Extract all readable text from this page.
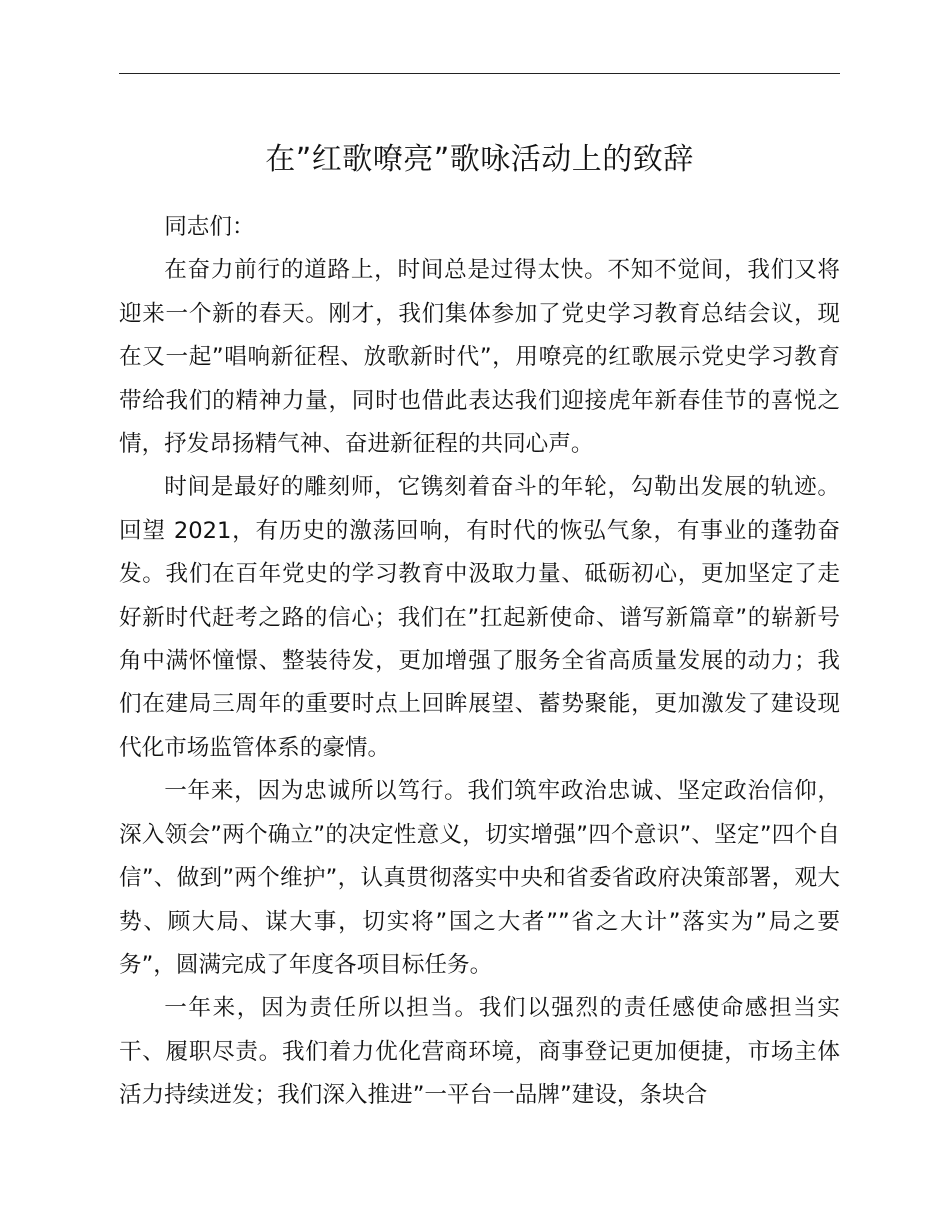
在”红歌嘹亮”歌咏活动上的致辞

同志们：

在奋力前行的道路上，时间总是过得太快。不知不觉间，我们又将迎来一个新的春天。刚才，我们集体参加了党史学习教育总结会议，现在又一起”唱响新征程、放歌新时代”，用嘹亮的红歌展示党史学习教育带给我们的精神力量，同时也借此表达我们迎接虎年新春佳节的喜悦之情，抒发昂扬精气神、奋进新征程的共同心声。

时间是最好的雕刻师，它镌刻着奋斗的年轮，勾勒出发展的轨迹。回望 2021，有历史的激荡回响，有时代的恢弘气象，有事业的蓬勃奋发。我们在百年党史的学习教育中汲取力量、砥砺初心，更加坚定了走好新时代赶考之路的信心；我们在”扛起新使命、谱写新篇章”的崭新号角中满怀憧憬、整装待发，更加增强了服务全省高质量发展的动力；我们在建局三周年的重要时点上回眸展望、蓄势聚能，更加激发了建设现代化市场监管体系的豪情。

一年来，因为忠诚所以笃行。我们筑牢政治忠诚、坚定政治信仰，深入领会”两个确立”的决定性意义，切实增强”四个意识”、坚定”四个自信”、做到”两个维护”，认真贯彻落实中央和省委省政府决策部署，观大势、顾大局、谋大事，切实将”国之大者””省之大计”落实为”局之要务”，圆满完成了年度各项目标任务。

一年来，因为责任所以担当。我们以强烈的责任感使命感担当实干、履职尽责。我们着力优化营商环境，商事登记更加便捷，市场主体活力持续迸发；我们深入推进”一平台一品牌”建设，条块合
